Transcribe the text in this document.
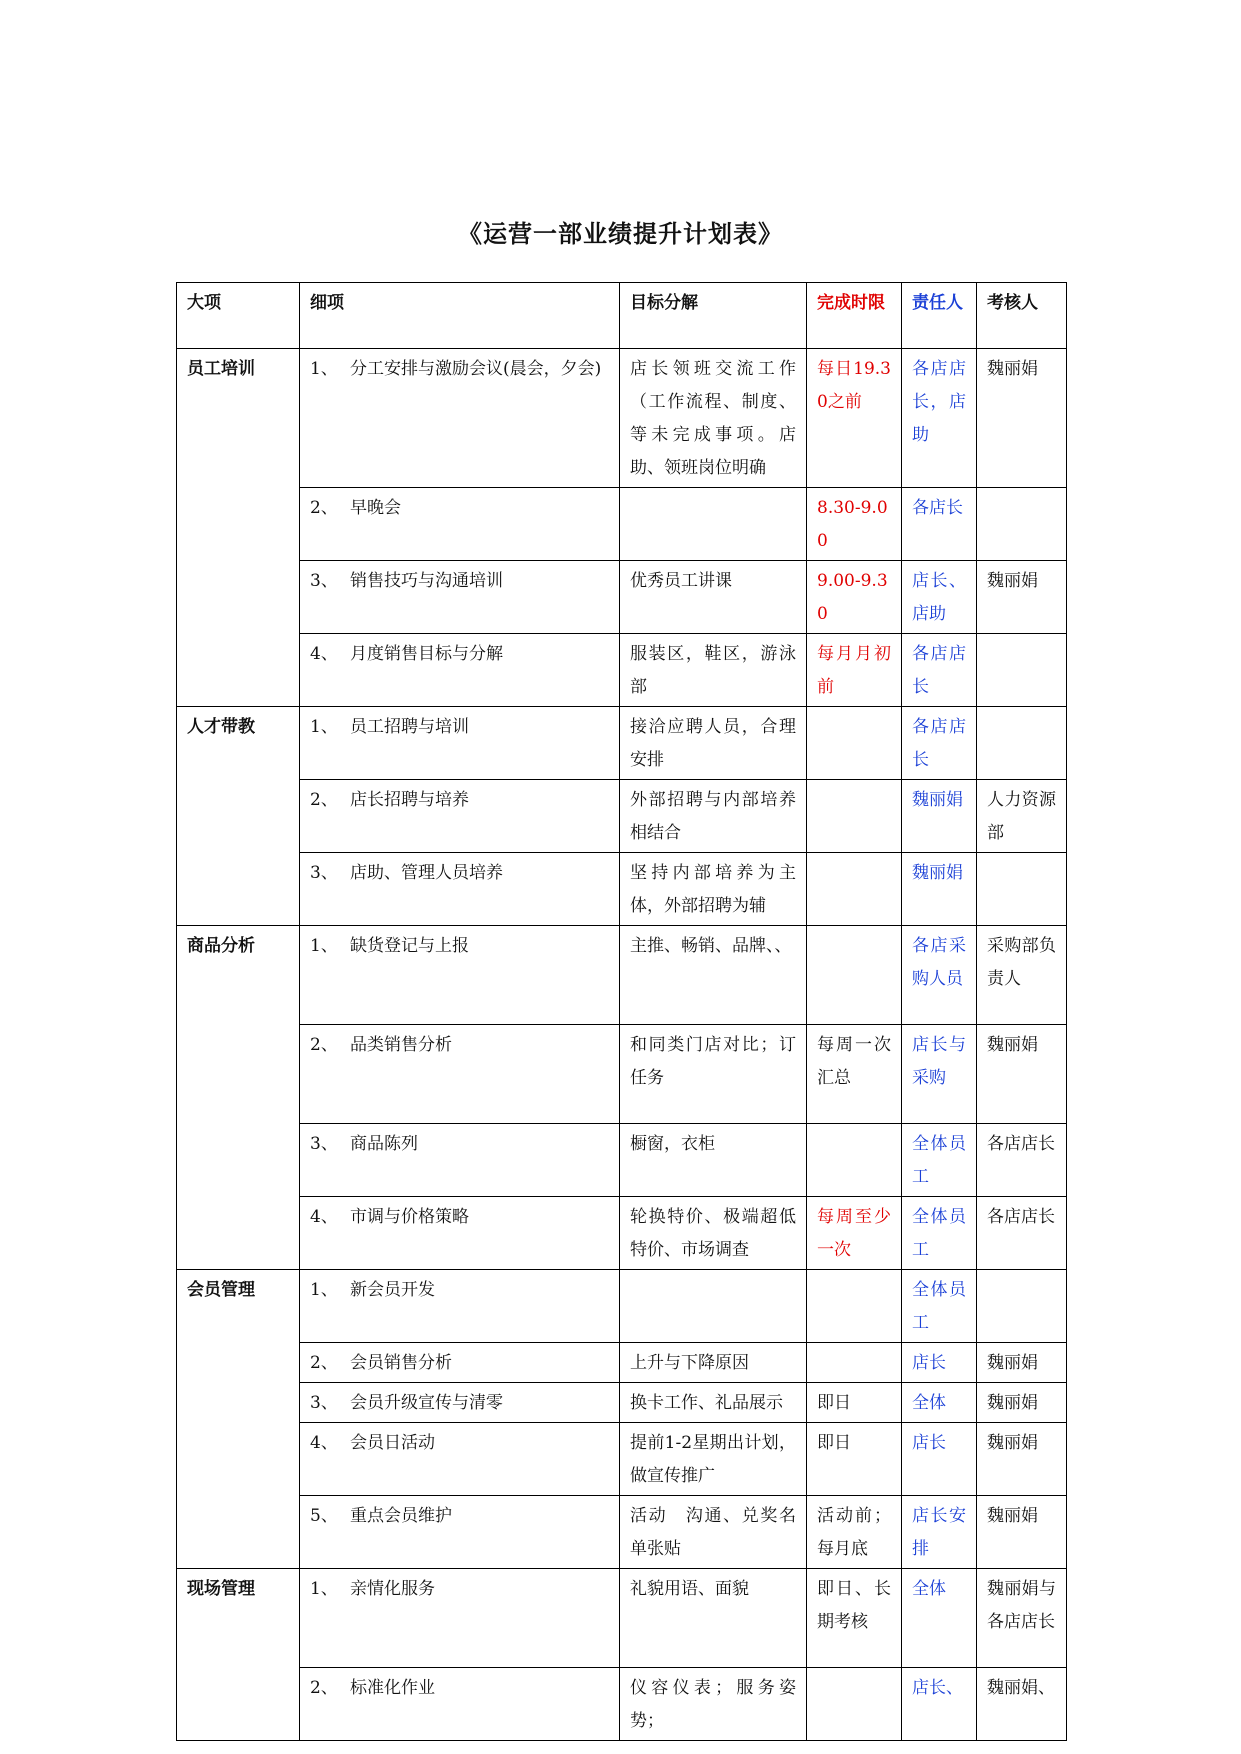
《运营一部业绩提升计划表》
大项	细项	目标分解	完成时限	责任人	考核人
员工培训	1、 分工安排与激励会议(晨会，夕会)	店长领班交流工作（工作流程、制度、等未完成事项。店助、领班岗位明确	每日19.30之前	各店店长，店助	魏丽娟
	2、 早晚会		8.30-9.00	各店长	
	3、 销售技巧与沟通培训	优秀员工讲课	9.00-9.30	店长、店助	魏丽娟
	4、 月度销售目标与分解	服装区，鞋区，游泳部	每月月初前	各店店长	
人才带教	1、 员工招聘与培训	接洽应聘人员，合理安排		各店店长	
	2、 店长招聘与培养	外部招聘与内部培养相结合		魏丽娟	人力资源部
	3、 店助、管理人员培养	坚持内部培养为主体，外部招聘为辅		魏丽娟	
商品分析	1、 缺货登记与上报	主推、畅销、品牌、、		各店采购人员	采购部负责人
	2、 品类销售分析	和同类门店对比；订任务	每周一次汇总	店长与采购	魏丽娟
	3、 商品陈列	橱窗，衣柜		全体员工	各店店长
	4、 市调与价格策略	轮换特价、极端超低特价、市场调查	每周至少一次	全体员工	各店店长
会员管理	1、 新会员开发			全体员工	
	2、 会员销售分析	上升与下降原因		店长	魏丽娟
	3、 会员升级宣传与清零	换卡工作、礼品展示	即日	全体	魏丽娟
	4、 会员日活动	提前1-2星期出计划，做宣传推广	即日	店长	魏丽娟
	5、 重点会员维护	活动　沟通、兑奖名单张贴	活动前；每月底	店长安排	魏丽娟
现场管理	1、 亲情化服务	礼貌用语、面貌	即日、长期考核	全体	魏丽娟与各店店长
	2、 标准化作业	仪容仪表；服务姿势；		店长、	魏丽娟、
